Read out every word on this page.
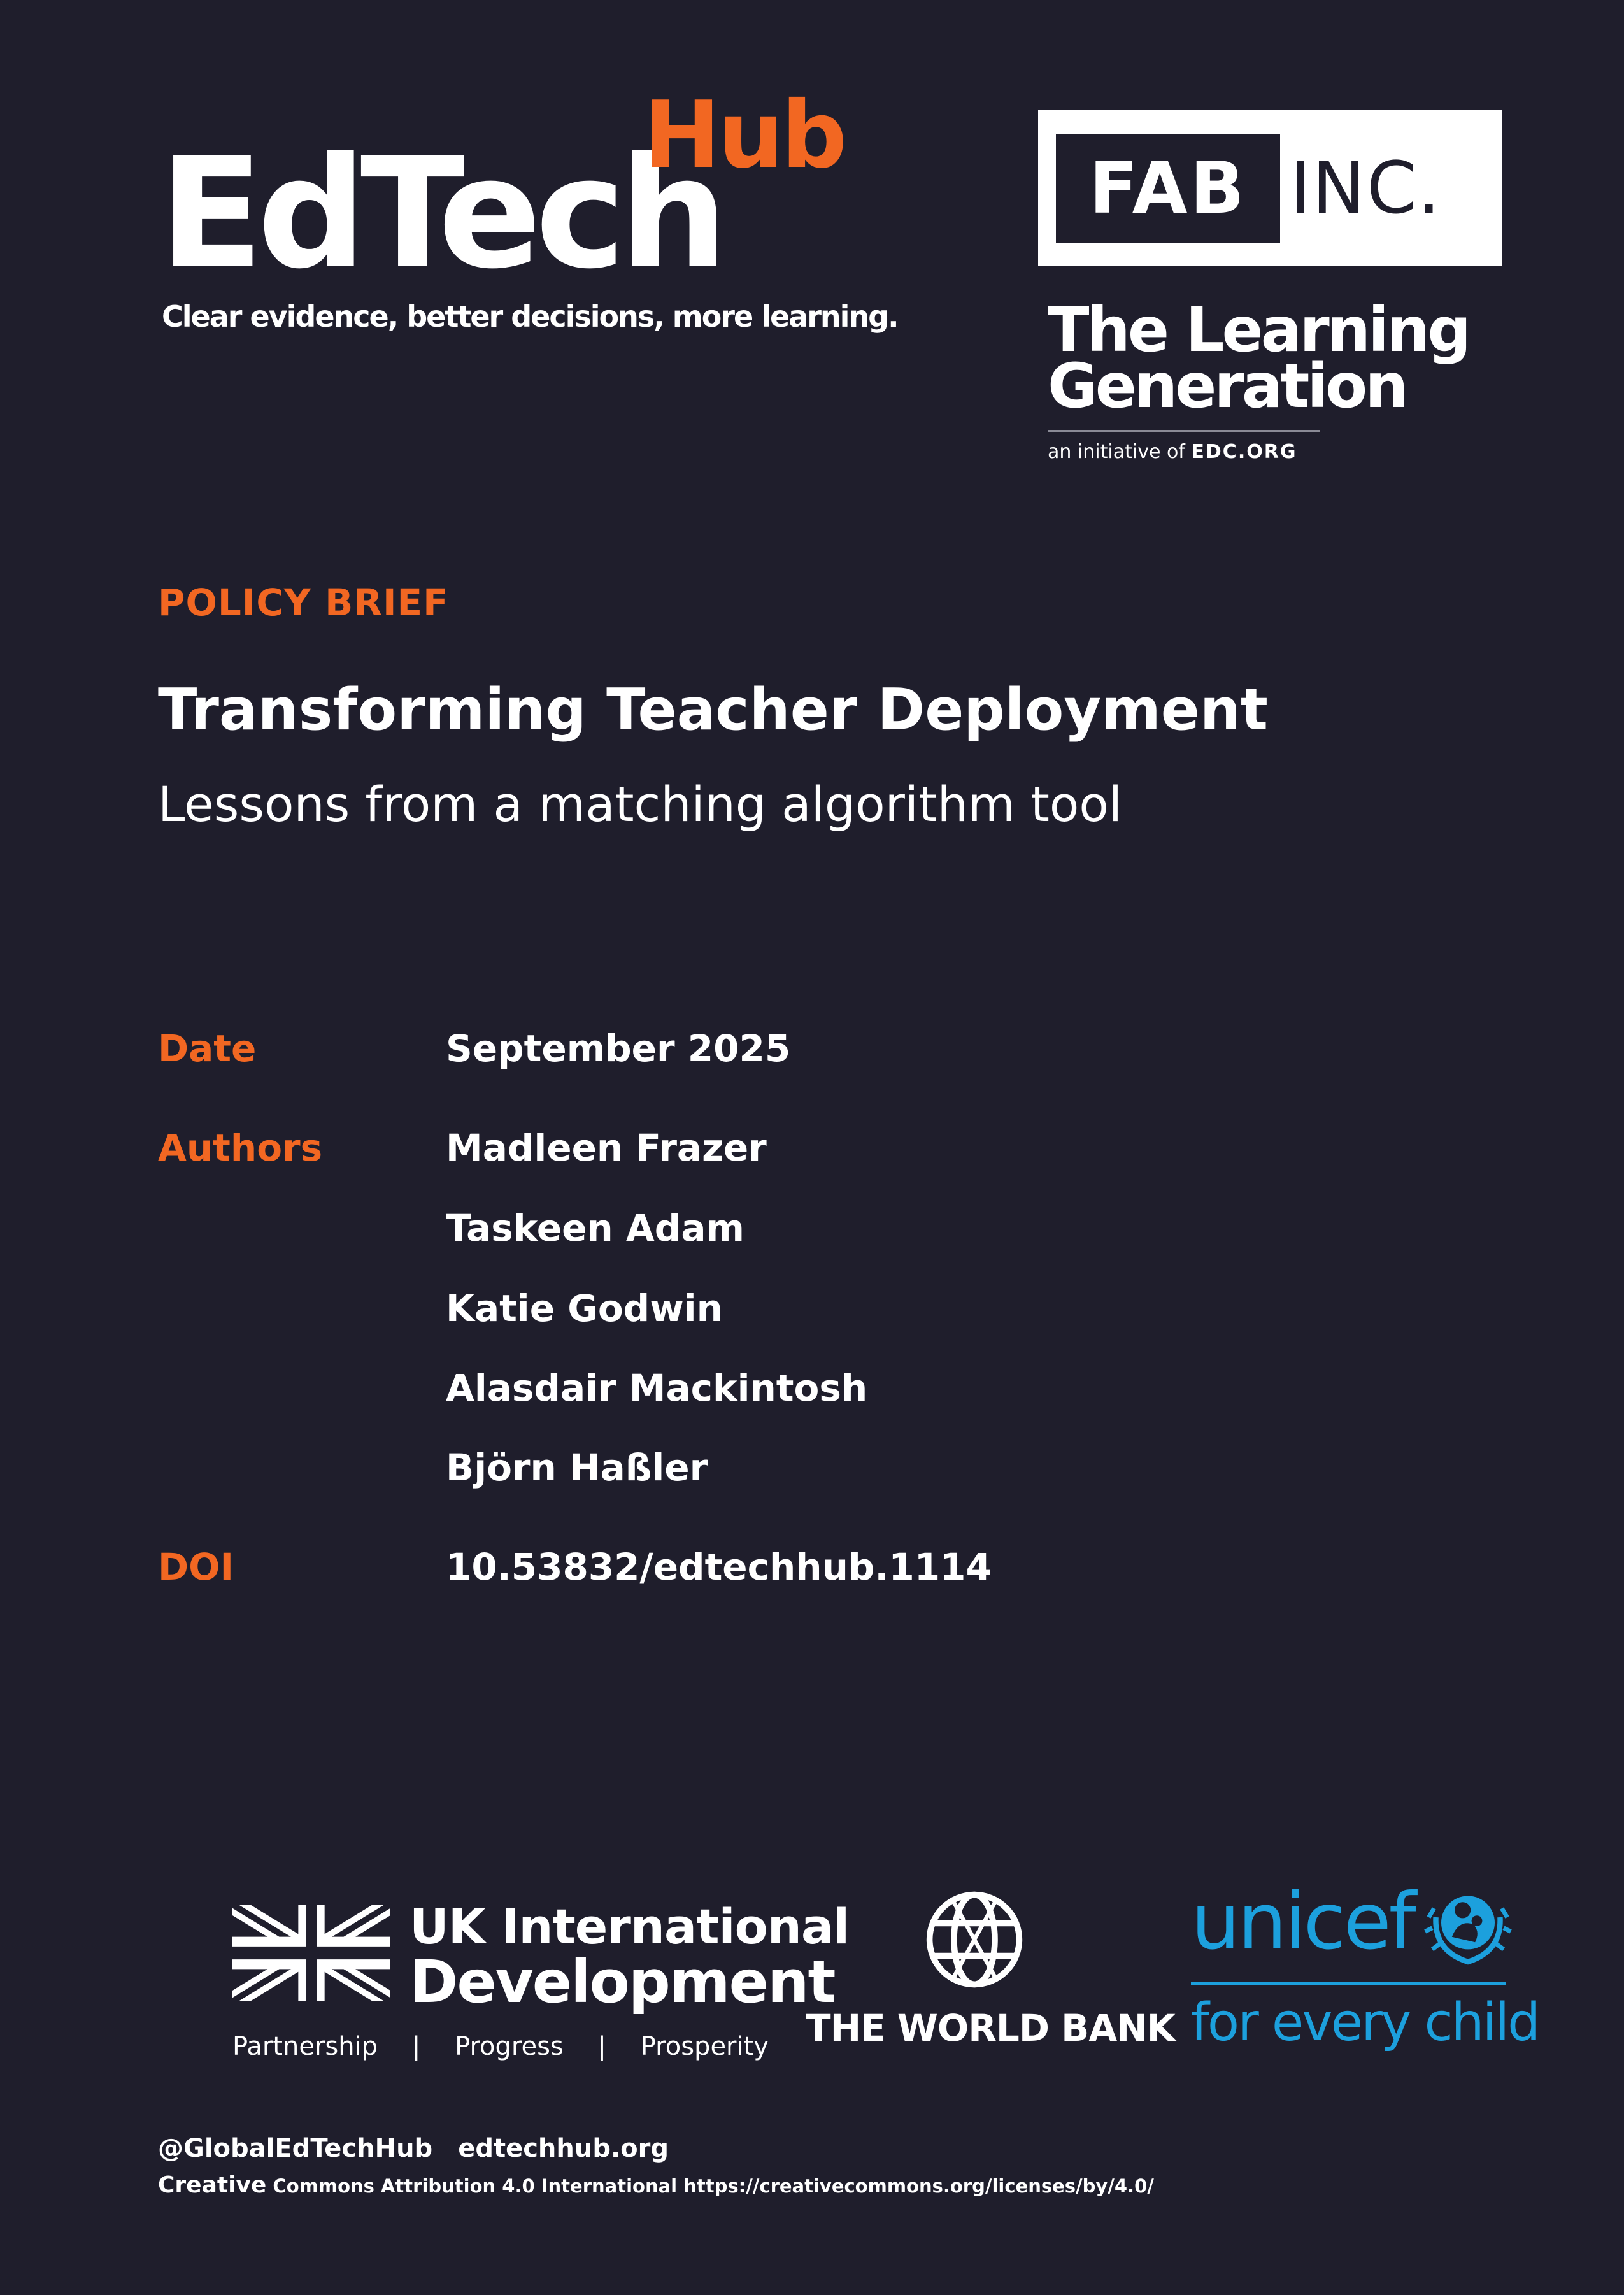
EdTech
Hub
Clear evidence, better decisions, more learning.
FAB INC.
The Learning
Generation
an initiative of EDC.ORG
POLICY BRIEF
Transforming Teacher Deployment
Lessons from a matching algorithm tool
Date	September 2025
Authors	Madleen Frazer
Taskeen Adam
Katie Godwin
Alasdair Mackintosh
Björn Haßler
DOI	10.53832/edtechhub.1114
UK International
Development
Partnership | Progress | Prosperity THE WORLD BANK
unicef
for every child
@GlobalEdTechHub edtechhub.org
Creative Commons Attribution 4.0 International https://creativecommons.org/licenses/by/4.0/
